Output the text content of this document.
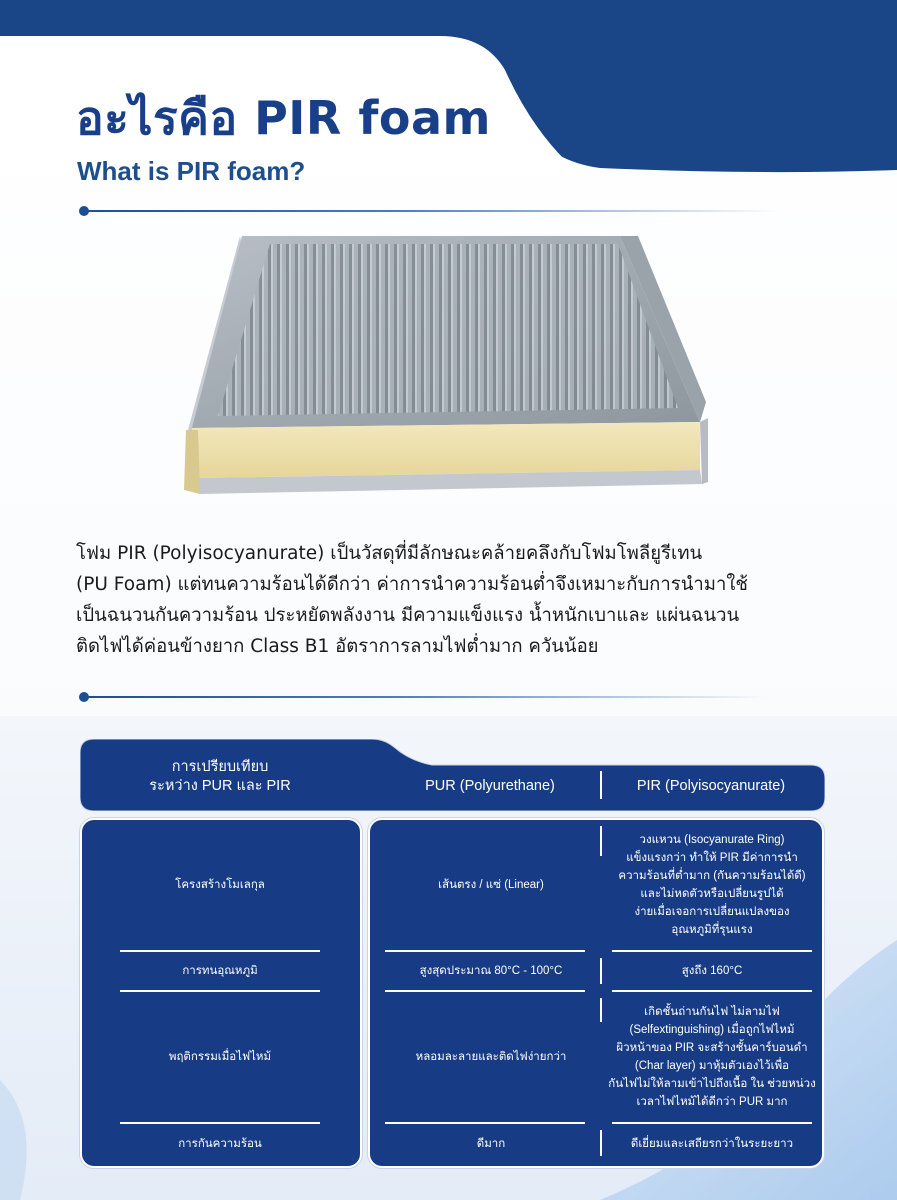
อะไรคือ PIR foam
What is PIR foam?

โฟม PIR (Polyisocyanurate) เป็นวัสดุที่มีลักษณะคล้ายคลึงกับโฟมโพลียูรีเทน
(PU Foam) แต่ทนความร้อนได้ดีกว่า ค่าการนำความร้อนต่ำจึงเหมาะกับการนำมาใช้
เป็นฉนวนกันความร้อน ประหยัดพลังงาน มีความแข็งแรง น้ำหนักเบาและ แผ่นฉนวน
ติดไฟได้ค่อนข้างยาก Class B1 อัตราการลามไฟต่ำมาก ควันน้อย

การเปรียบเทียบ
ระหว่าง PUR และ PIR	PUR (Polyurethane)	PIR (Polyisocyanurate)
โครงสร้างโมเลกุล	เส้นตรง / แซ่ (Linear)
วงแหวน (Isocyanurate Ring)
แข็งแรงกว่า ทำให้ PIR มีค่าการนำ
ความร้อนที่ต่ำมาก (กันความร้อนได้ดี)
และไม่หดตัวหรือเปลี่ยนรูปได้
ง่ายเมื่อเจอการเปลี่ยนแปลงของ
อุณหภูมิที่รุนแรง
การทนอุณหภูมิ	สูงสุดประมาณ 80°C - 100°C	สูงถึง 160°C
พฤติกรรมเมื่อไฟไหม้	หลอมละลายและติดไฟง่ายกว่า
เกิดชั้นถ่านกันไฟ ไม่ลามไฟ
(Selfextinguishing) เมื่อถูกไฟไหม้
ผิวหน้าของ PIR จะสร้างชั้นคาร์บอนดำ
(Char layer) มาหุ้มตัวเองไว้เพื่อ
กันไฟไม่ให้ลามเข้าไปถึงเนื้อ ใน ช่วยหน่วง
เวลาไฟไหม้ได้ดีกว่า PUR มาก
การกันความร้อน	ดีมาก	ดีเยี่ยมและเสถียรกว่าในระยะยาว
